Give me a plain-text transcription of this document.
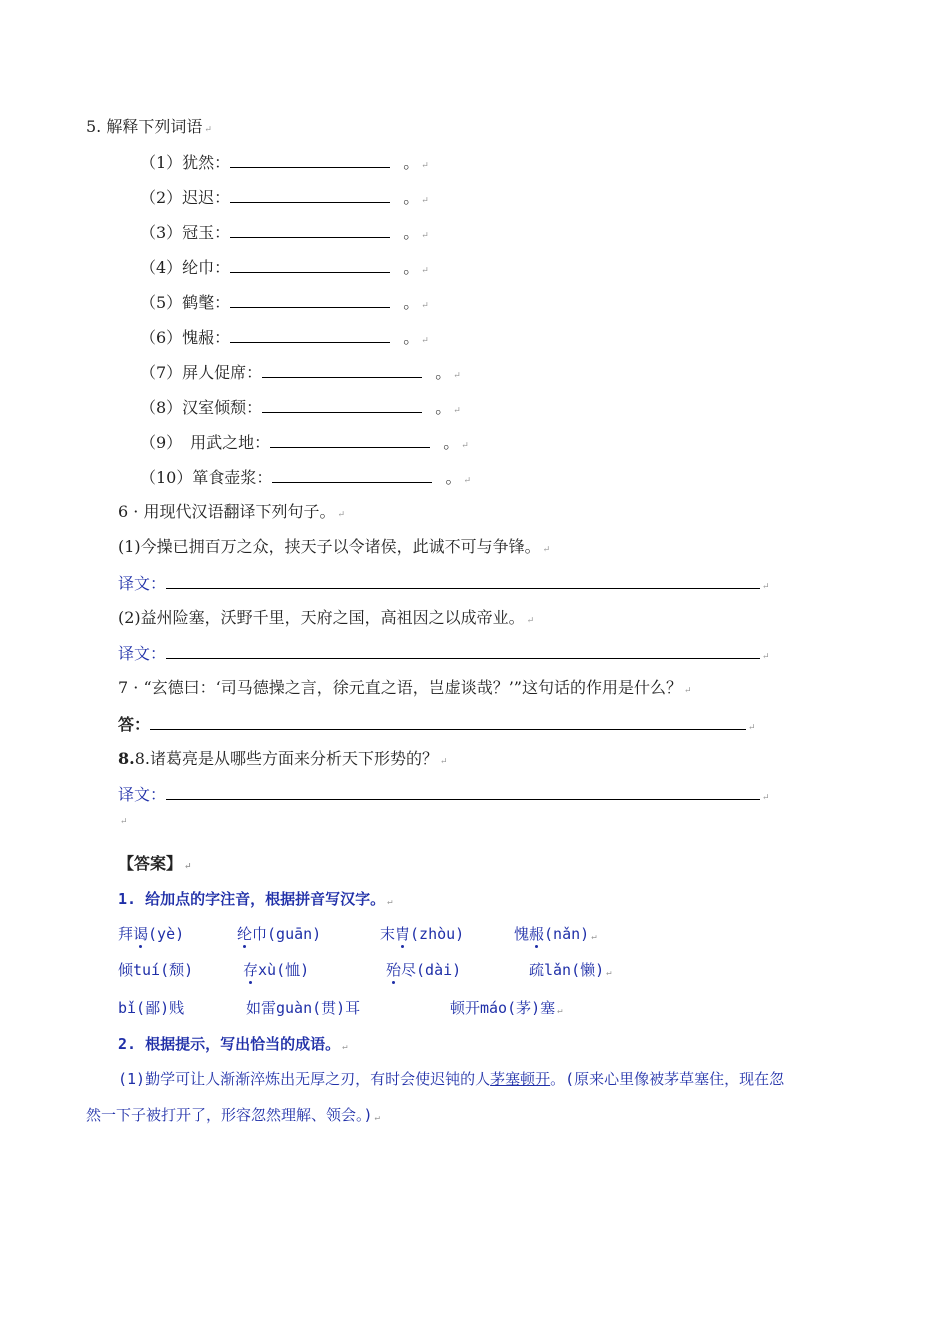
5. 解释下列词语 ↵
（1）犹然：	。 ↵
（2）迟迟：	。 ↵
（3）冠玉：	。 ↵
（4）纶巾：	。 ↵
（5）鹤氅：	。 ↵
（6）愧赧：	。 ↵
（7）屏人促席：	。 ↵
（8）汉室倾颓：	。 ↵
（9）　用武之地：	。 ↵
（10）箪食壶浆：	。 ↵
6 · 用现代汉语翻译下列句子。 ↵
(1)今操已拥百万之众，挟天子以令诸侯，此诚不可与争锋。 ↵
译文：	↵
(2)益州险塞，沃野千里，天府之国，高祖因之以成帝业。 ↵
译文：	↵
7 · “玄德曰：‘司马德操之言，徐元直之语，岂虚谈哉？’”这句话的作用是什么？ ↵
答：	↵
8.8.诸葛亮是从哪些方面来分析天下形势的？ ↵
译文：	↵
↵
【答案】 ↵
1. 给加点的字注音，根据拼音写汉字。 ↵
拜谒(yè)	纶巾(guān)	末胄(zhòu)	愧赧(nǎn) ↵
倾tuí(颓)	存xù(恤)	殆尽(dài)	疏lǎn(懒) ↵
bǐ(鄙)贱	如雷guàn(贯)耳	顿开máo(茅)塞 ↵
2. 根据提示，写出恰当的成语。 ↵
(1)勤学可让人渐渐淬炼出无厚之刃，有时会使迟钝的人茅塞顿开。(原来心里像被茅草塞住，现在忽
然一下子被打开了，形容忽然理解、领会。) ↵
